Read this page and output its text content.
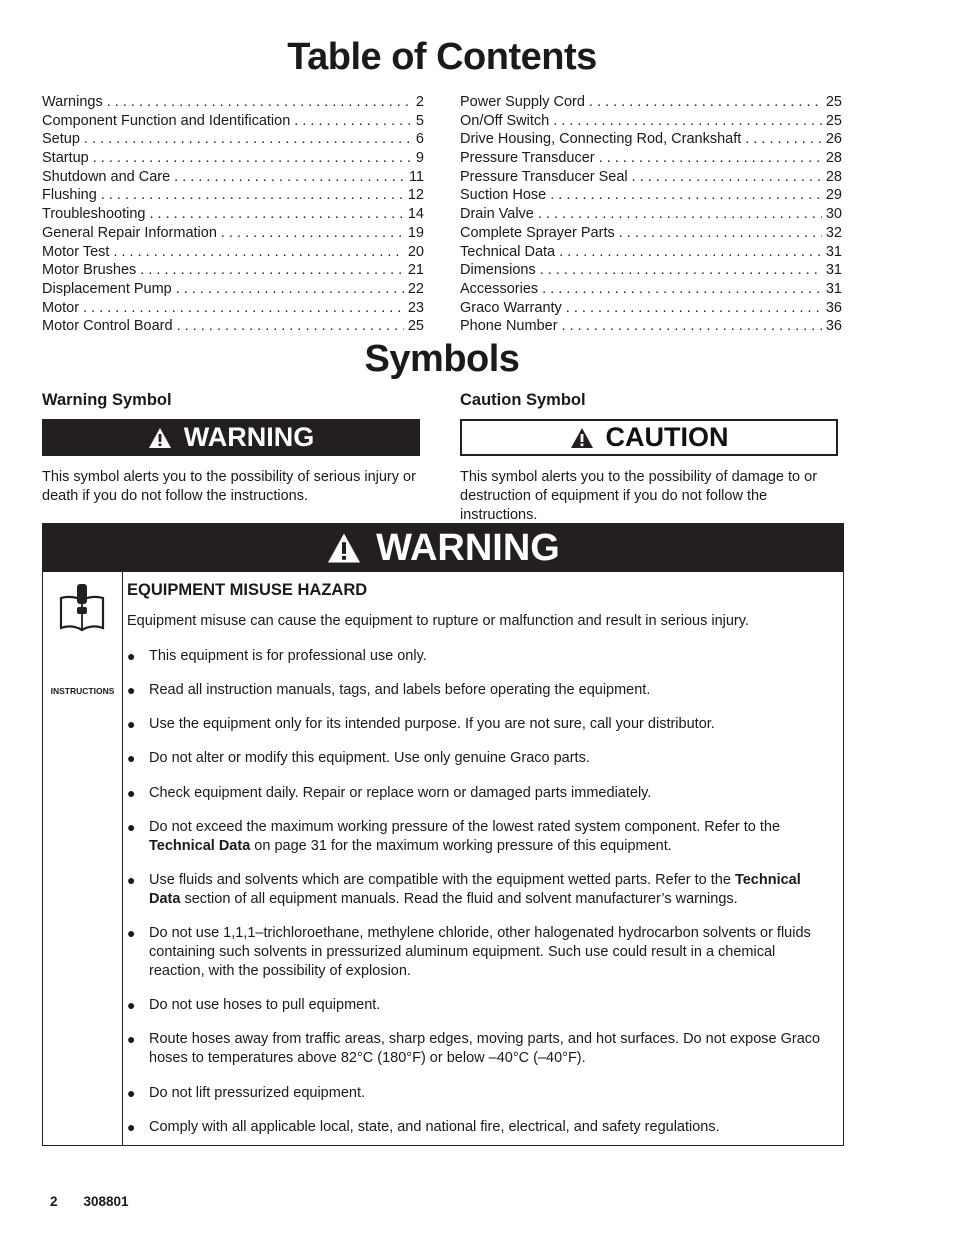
Table of Contents
Warnings . . .	2
Component Function and Identification . . .	5
Setup . . .	6
Startup . . .	9
Shutdown and Care . . .	11
Flushing . . .	12
Troubleshooting . . .	14
General Repair Information . . .	19
Motor Test . . .	20
Motor Brushes . . .	21
Displacement Pump . . .	22
Motor . . .	23
Motor Control Board . . .	25
Power Supply Cord . . .	25
On/Off Switch . . .	25
Drive Housing, Connecting Rod, Crankshaft . . .	26
Pressure Transducer . . .	28
Pressure Transducer Seal . . .	28
Suction Hose . . .	29
Drain Valve . . .	30
Complete Sprayer Parts . . .	32
Technical Data . . .	31
Dimensions . . .	31
Accessories . . .	31
Graco Warranty . . .	36
Phone Number . . .	36
Symbols
Warning Symbol	Caution Symbol
WARNING	CAUTION
This symbol alerts you to the possibility of serious injury or death if you do not follow the instructions.
This symbol alerts you to the possibility of damage to or destruction of equipment if you do not follow the instructions.
WARNING
INSTRUCTIONS
EQUIPMENT MISUSE HAZARD
Equipment misuse can cause the equipment to rupture or malfunction and result in serious injury.
● This equipment is for professional use only.
● Read all instruction manuals, tags, and labels before operating the equipment.
● Use the equipment only for its intended purpose. If you are not sure, call your distributor.
● Do not alter or modify this equipment. Use only genuine Graco parts.
● Check equipment daily. Repair or replace worn or damaged parts immediately.
● Do not exceed the maximum working pressure of the lowest rated system component. Refer to the Technical Data on page 31 for the maximum working pressure of this equipment.
● Use fluids and solvents which are compatible with the equipment wetted parts. Refer to the Technical Data section of all equipment manuals. Read the fluid and solvent manufacturer’s warnings.
● Do not use 1,1,1–trichloroethane, methylene chloride, other halogenated hydrocarbon solvents or fluids containing such solvents in pressurized aluminum equipment. Such use could result in a chemical reaction, with the possibility of explosion.
● Do not use hoses to pull equipment.
● Route hoses away from traffic areas, sharp edges, moving parts, and hot surfaces. Do not expose Graco hoses to temperatures above 82°C (180°F) or below –40°C (–40°F).
● Do not lift pressurized equipment.
● Comply with all applicable local, state, and national fire, electrical, and safety regulations.
2 308801
